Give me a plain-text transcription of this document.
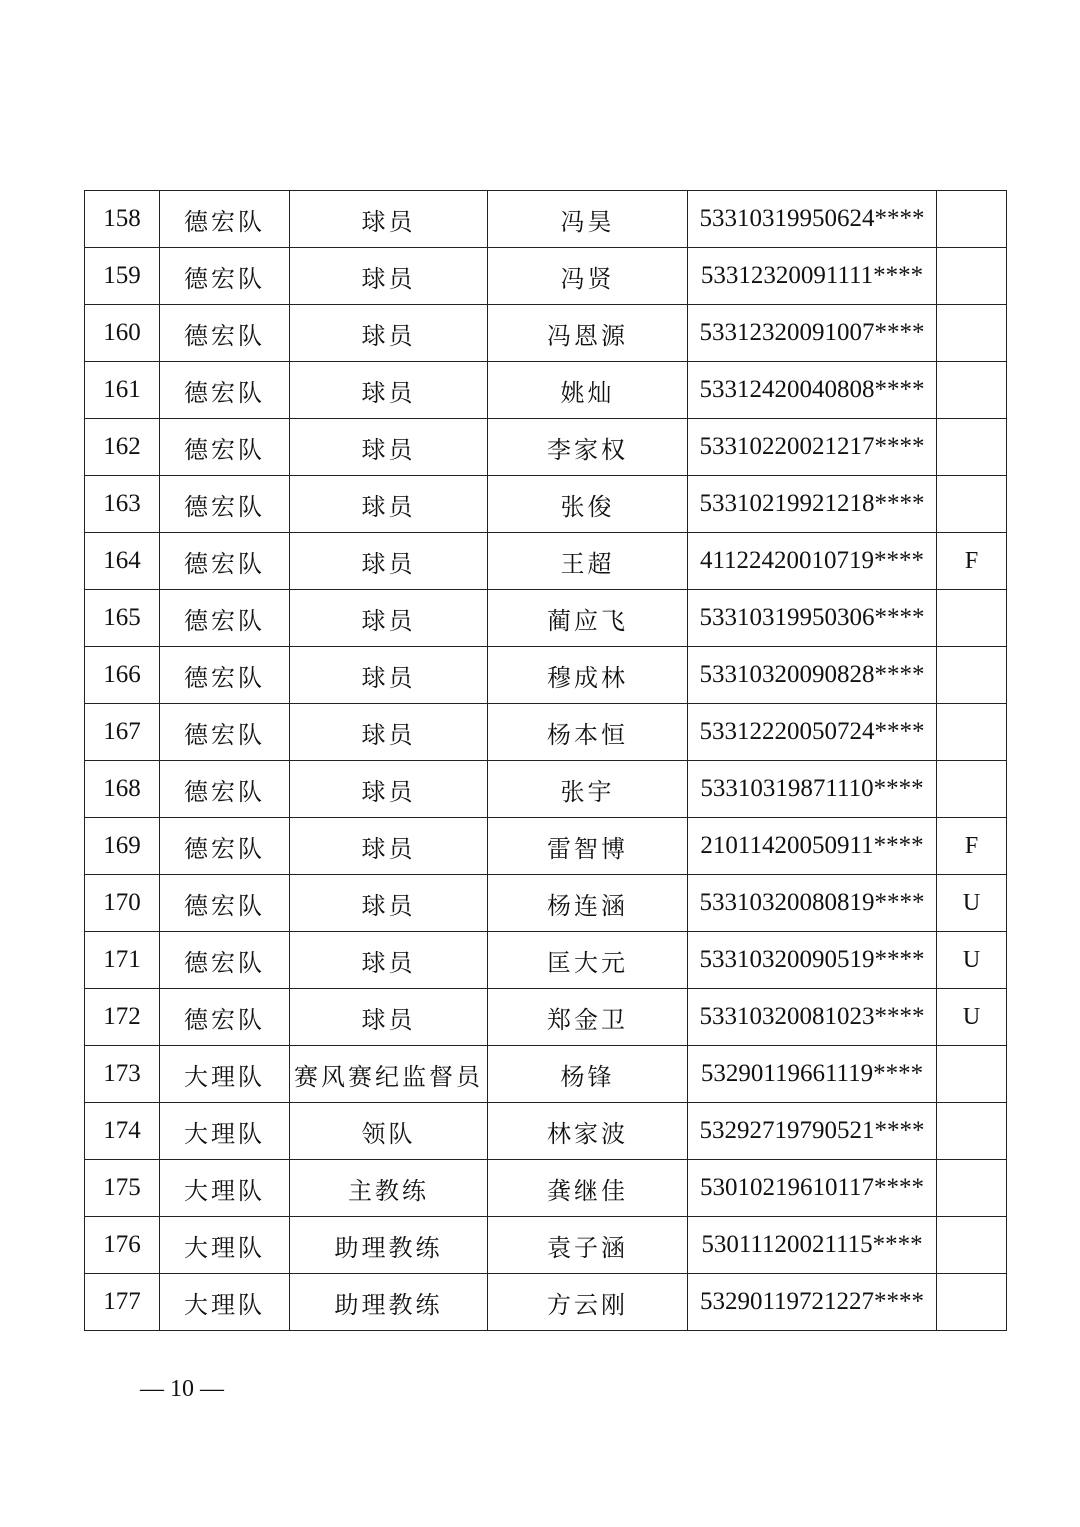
158	德宏队	球员	冯昊	53310319950624****	
159	德宏队	球员	冯贤	53312320091111****	
160	德宏队	球员	冯恩源	53312320091007****	
161	德宏队	球员	姚灿	53312420040808****	
162	德宏队	球员	李家权	53310220021217****	
163	德宏队	球员	张俊	53310219921218****	
164	德宏队	球员	王超	41122420010719****	F
165	德宏队	球员	蔺应飞	53310319950306****	
166	德宏队	球员	穆成林	53310320090828****	
167	德宏队	球员	杨本恒	53312220050724****	
168	德宏队	球员	张宇	53310319871110****	
169	德宏队	球员	雷智博	21011420050911****	F
170	德宏队	球员	杨连涵	53310320080819****	U
171	德宏队	球员	匡大元	53310320090519****	U
172	德宏队	球员	郑金卫	53310320081023****	U
173	大理队	赛风赛纪监督员	杨锋	53290119661119****	
174	大理队	领队	林家波	53292719790521****	
175	大理队	主教练	龚继佳	53010219610117****	
176	大理队	助理教练	袁子涵	53011120021115****	
177	大理队	助理教练	方云刚	53290119721227****	
— 10 —
